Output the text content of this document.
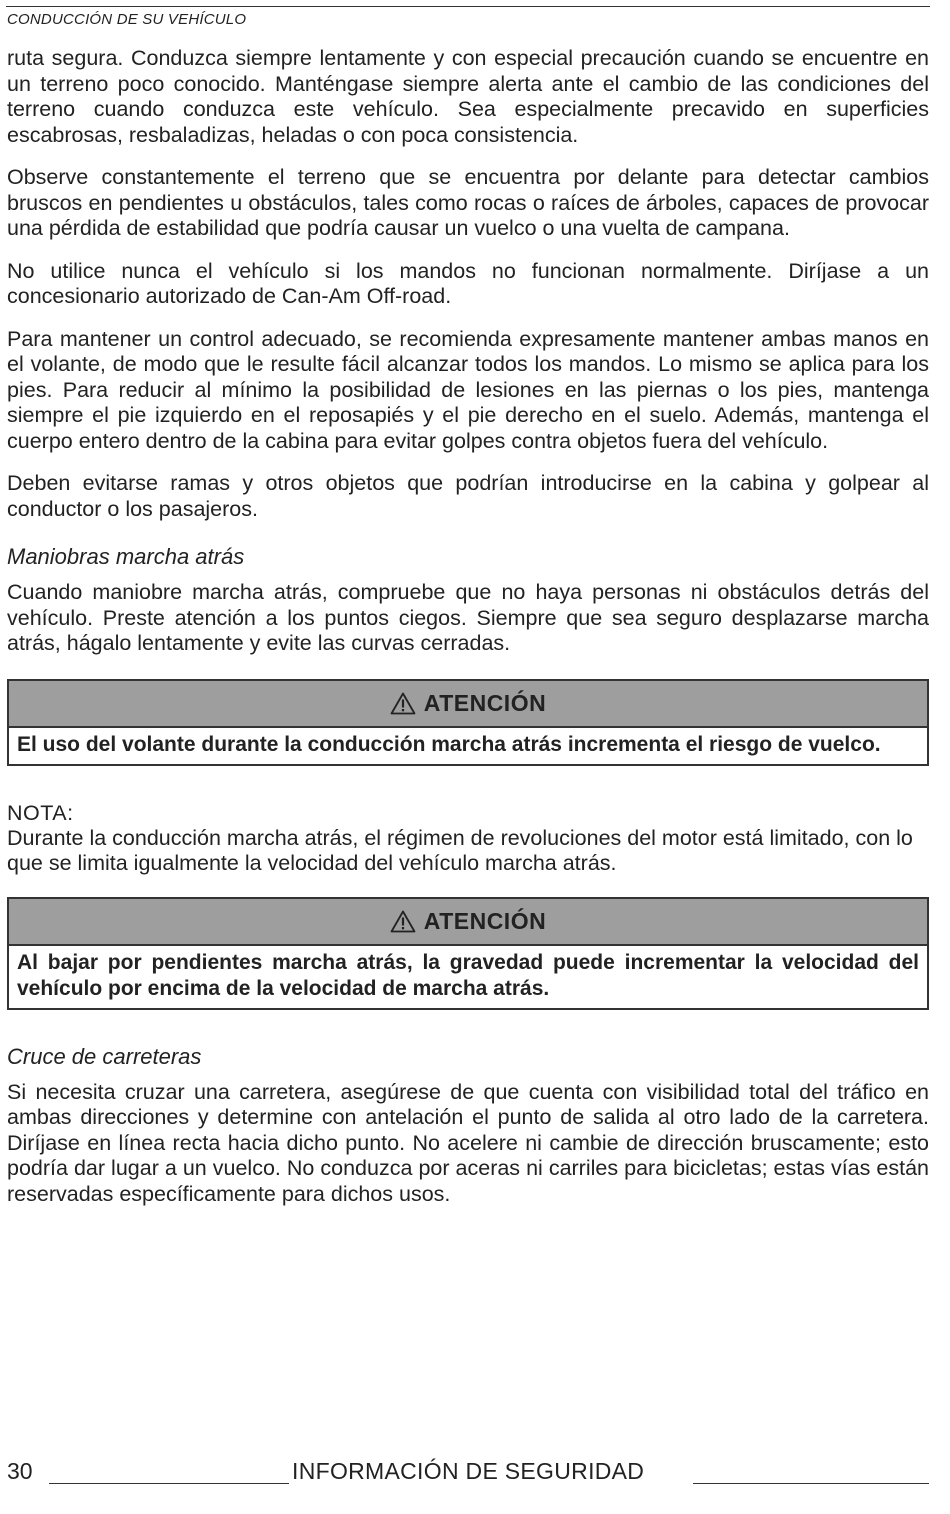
CONDUCCIÓN DE SU VEHÍCULO

ruta segura. Conduzca siempre lentamente y con especial precaución cuando se encuentre en un terreno poco conocido. Manténgase siempre alerta ante el cambio de las condiciones del terreno cuando conduzca este vehículo. Sea especialmente precavido en superficies escabrosas, resbaladizas, heladas o con poca consistencia.

Observe constantemente el terreno que se encuentra por delante para detectar cambios bruscos en pendientes u obstáculos, tales como rocas o raíces de árboles, capaces de provocar una pérdida de estabilidad que podría causar un vuelco o una vuelta de campana.

No utilice nunca el vehículo si los mandos no funcionan normalmente. Diríjase a un concesionario autorizado de Can-Am Off-road.

Para mantener un control adecuado, se recomienda expresamente mantener ambas manos en el volante, de modo que le resulte fácil alcanzar todos los mandos. Lo mismo se aplica para los pies. Para reducir al mínimo la posibilidad de lesiones en las piernas o los pies, mantenga siempre el pie izquierdo en el reposapiés y el pie derecho en el suelo. Además, mantenga el cuerpo entero dentro de la cabina para evitar golpes contra objetos fuera del vehículo.

Deben evitarse ramas y otros objetos que podrían introducirse en la cabina y golpear al conductor o los pasajeros.

Maniobras marcha atrás

Cuando maniobre marcha atrás, compruebe que no haya personas ni obstáculos detrás del vehículo. Preste atención a los puntos ciegos. Siempre que sea seguro desplazarse marcha atrás, hágalo lentamente y evite las curvas cerradas.

ATENCIÓN
El uso del volante durante la conducción marcha atrás incrementa el riesgo de vuelco.
NOTA:

Durante la conducción marcha atrás, el régimen de revoluciones del motor está limitado, con lo que se limita igualmente la velocidad del vehículo marcha atrás.

ATENCIÓN
Al bajar por pendientes marcha atrás, la gravedad puede incrementar la velocidad del vehículo por encima de la velocidad de marcha atrás.
Cruce de carreteras

Si necesita cruzar una carretera, asegúrese de que cuenta con visibilidad total del tráfico en ambas direcciones y determine con antelación el punto de salida al otro lado de la carretera. Diríjase en línea recta hacia dicho punto. No acelere ni cambie de dirección bruscamente; esto podría dar lugar a un vuelco. No conduzca por aceras ni carriles para bicicletas; estas vías están reservadas específicamente para dichos usos.

30	INFORMACIÓN DE SEGURIDAD
